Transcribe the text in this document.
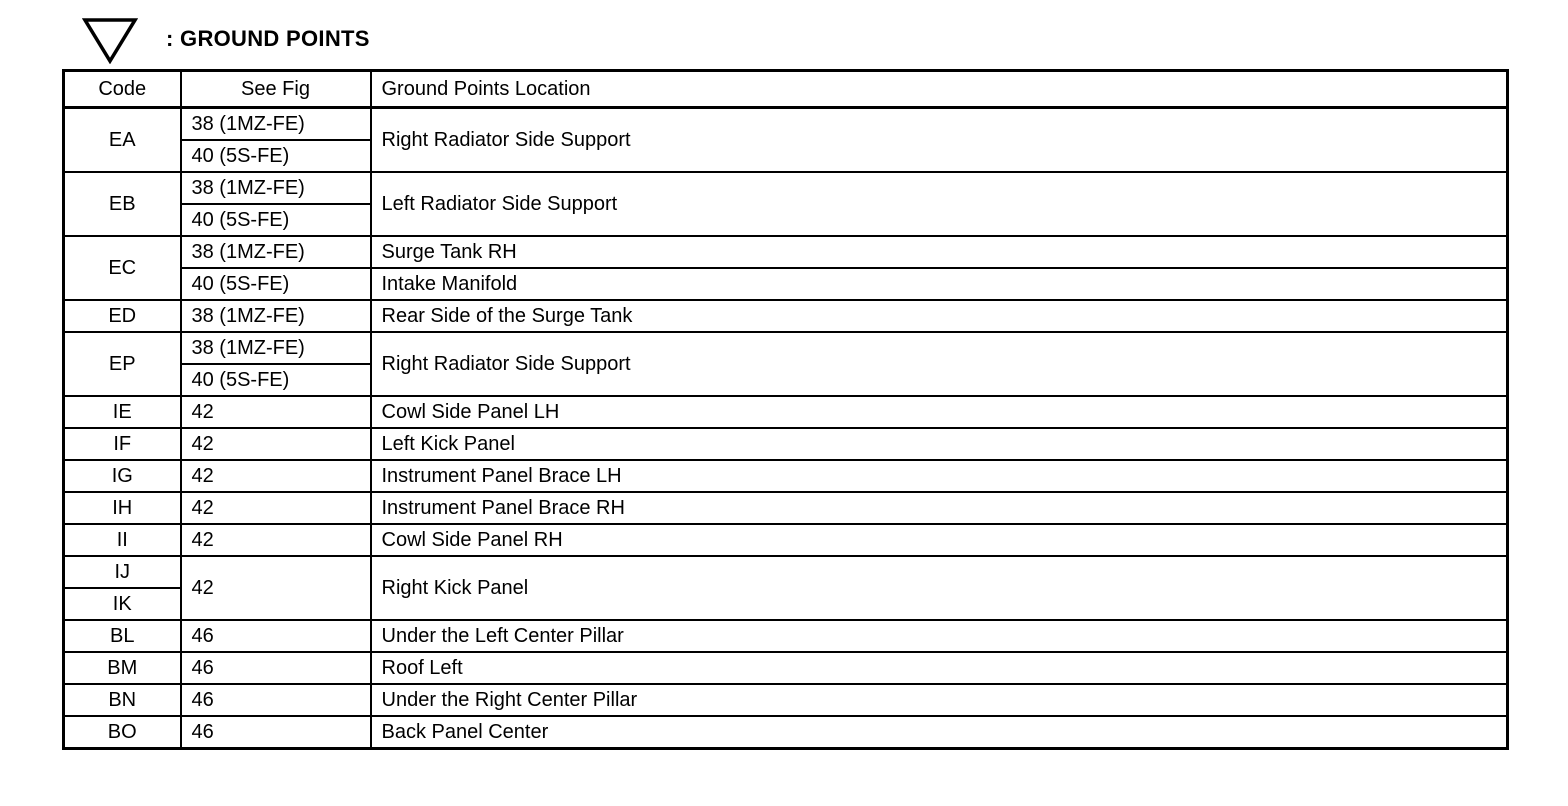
: GROUND POINTS
Code	See Fig	Ground Points Location
EA	38 (1MZ-FE)	Right Radiator Side Support
	40 (5S-FE)	
EB	38 (1MZ-FE)	Left Radiator Side Support
	40 (5S-FE)	
EC	38 (1MZ-FE)	Surge Tank RH
	40 (5S-FE)	Intake Manifold
ED	38 (1MZ-FE)	Rear Side of the Surge Tank
EP	38 (1MZ-FE)	Right Radiator Side Support
	40 (5S-FE)	
IE	42	Cowl Side Panel LH
IF	42	Left Kick Panel
IG	42	Instrument Panel Brace LH
IH	42	Instrument Panel Brace RH
II	42	Cowl Side Panel RH
IJ	42	Right Kick Panel
IK		
BL	46	Under the Left Center Pillar
BM	46	Roof Left
BN	46	Under the Right Center Pillar
BO	46	Back Panel Center
